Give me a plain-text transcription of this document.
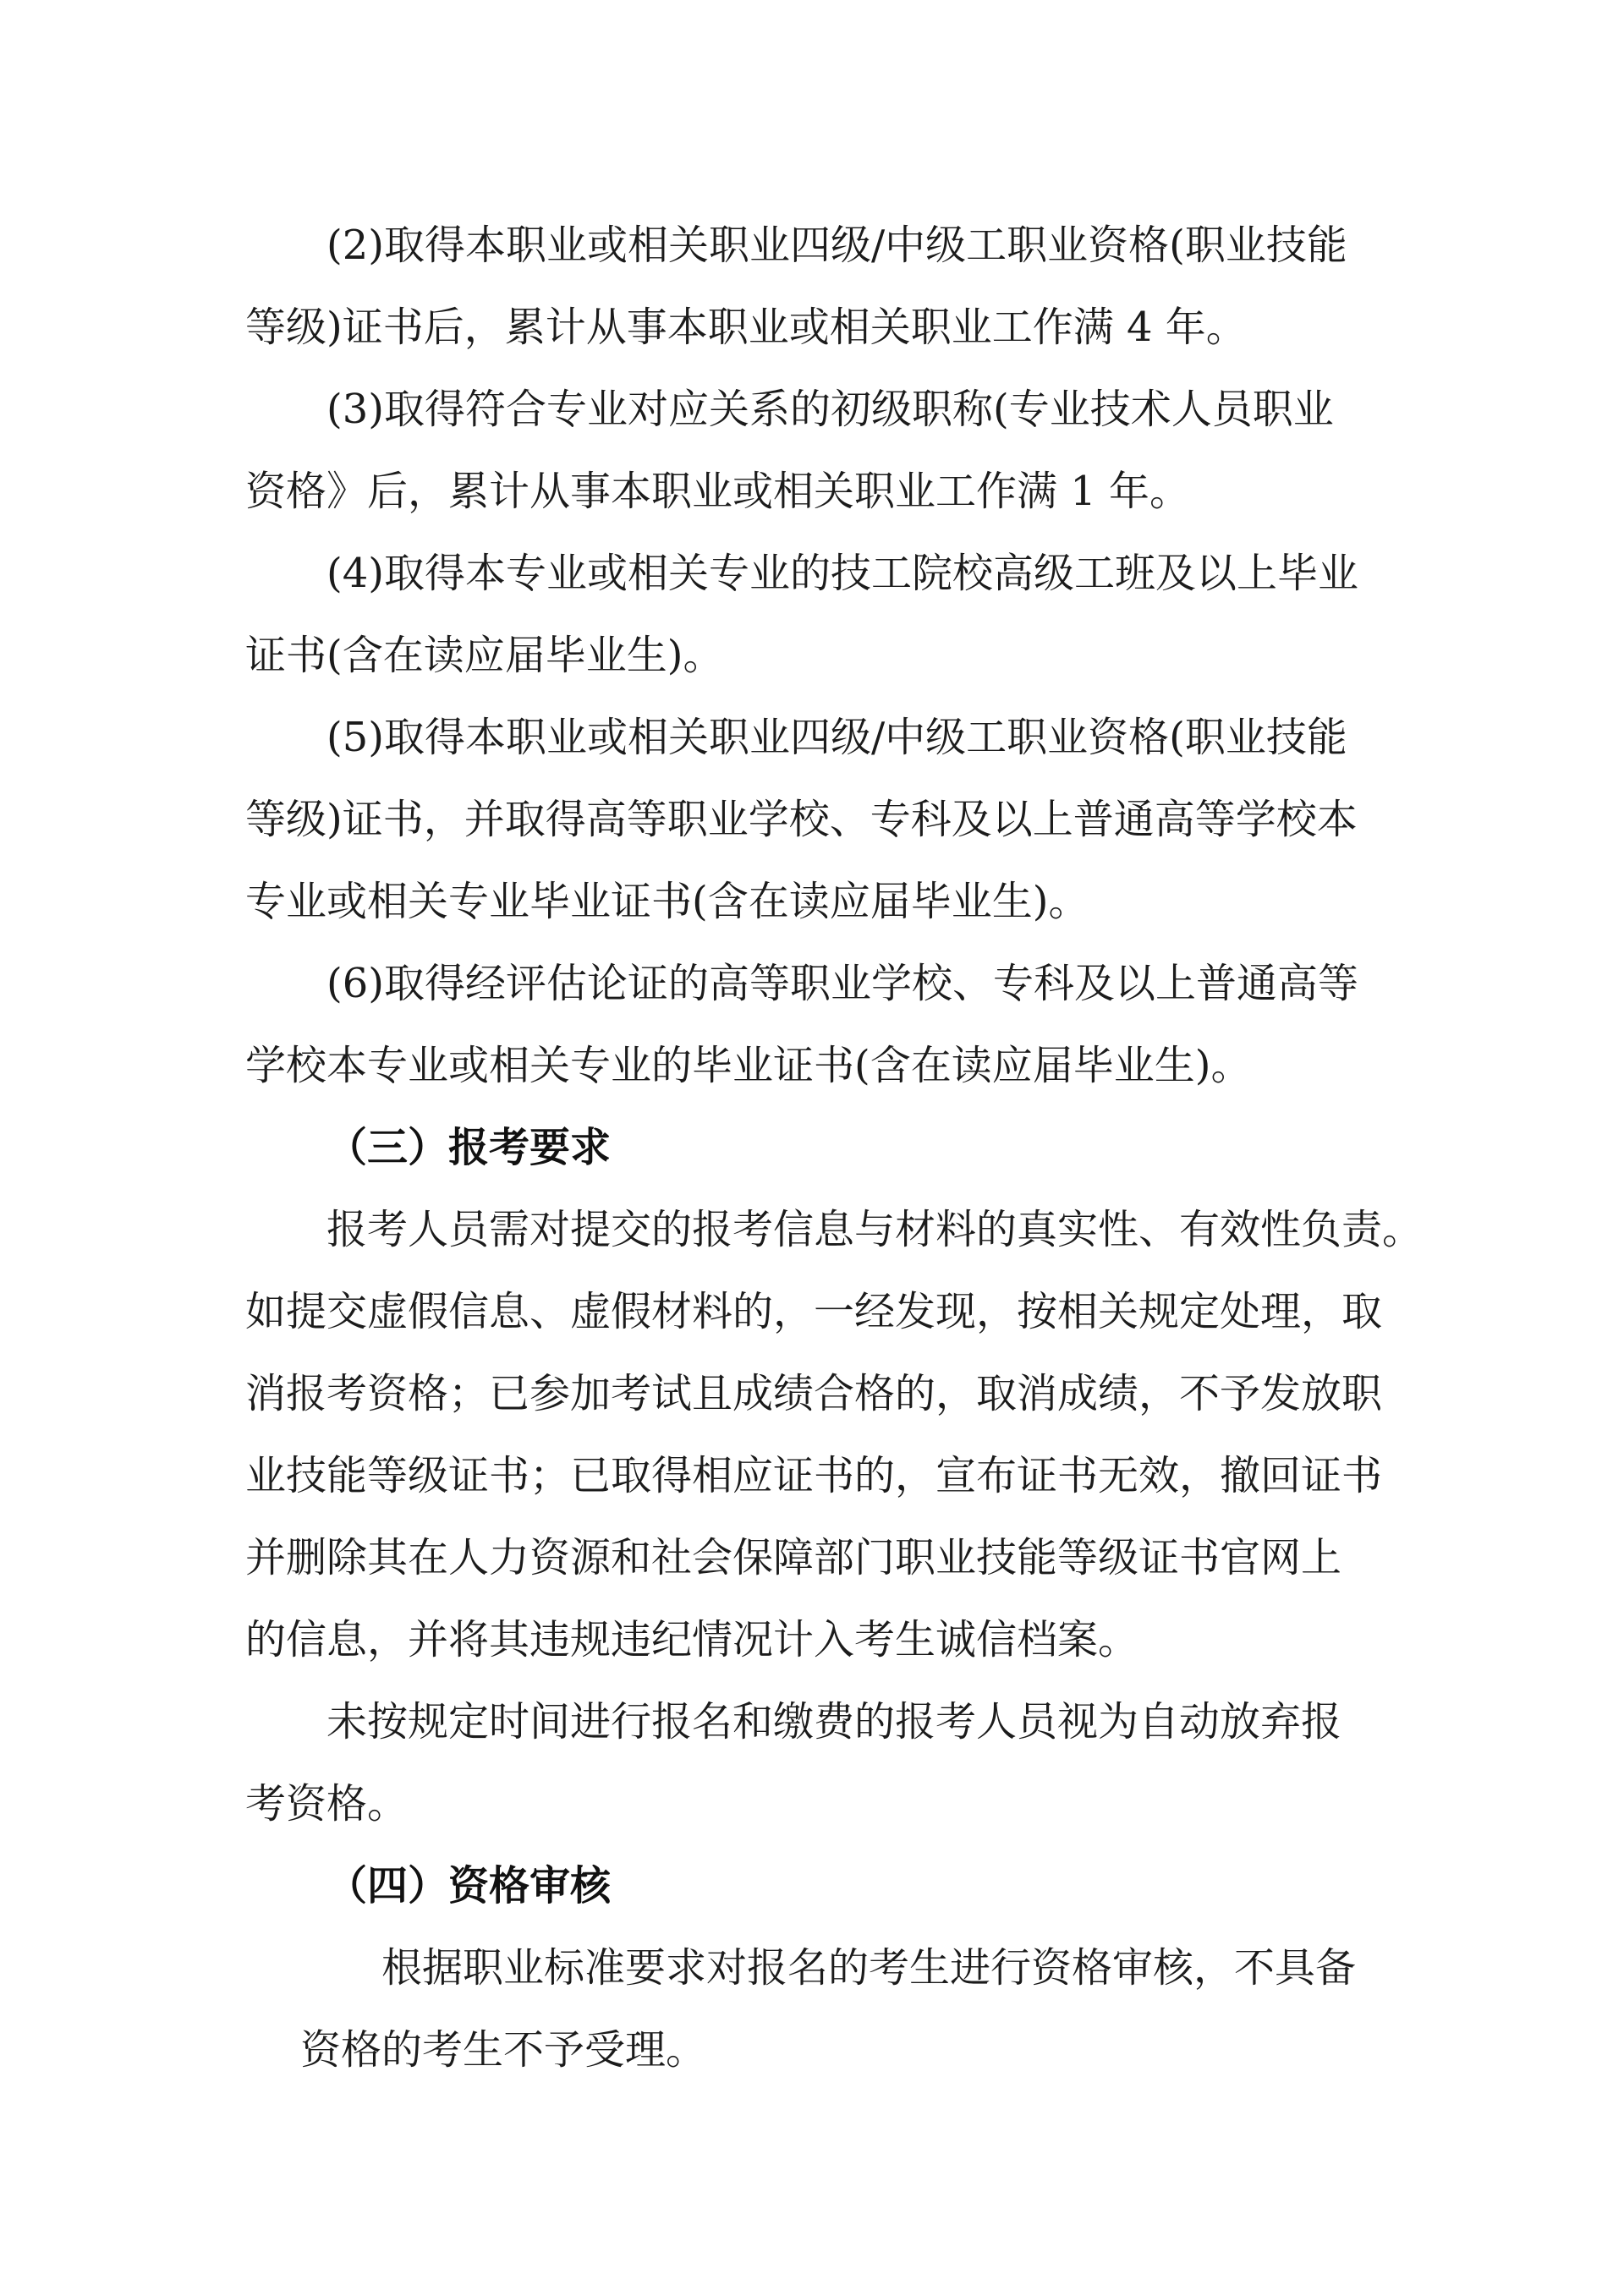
(2)取得本职业或相关职业四级/中级工职业资格(职业技能
等级)证书后，累计从事本职业或相关职业工作满 4 年。
(3)取得符合专业对应关系的初级职称(专业技术人员职业
资格》后，累计从事本职业或相关职业工作满 1 年。
(4)取得本专业或相关专业的技工院校高级工班及以上毕业
证书(含在读应届毕业生)。
(5)取得本职业或相关职业四级/中级工职业资格(职业技能
等级)证书，并取得高等职业学校、专科及以上普通高等学校本
专业或相关专业毕业证书(含在读应届毕业生)。
(6)取得经评估论证的高等职业学校、专科及以上普通高等
学校本专业或相关专业的毕业证书(含在读应届毕业生)。
（三）报考要求
报考人员需对提交的报考信息与材料的真实性、有效性负责。
如提交虚假信息、虚假材料的，一经发现，按相关规定处理，取
消报考资格；已参加考试且成绩合格的，取消成绩，不予发放职
业技能等级证书；已取得相应证书的，宣布证书无效，撤回证书
并删除其在人力资源和社会保障部门职业技能等级证书官网上
的信息，并将其违规违纪情况计入考生诚信档案。
未按规定时间进行报名和缴费的报考人员视为自动放弃报
考资格。
（四）资格审核
根据职业标准要求对报名的考生进行资格审核，不具备
资格的考生不予受理。
